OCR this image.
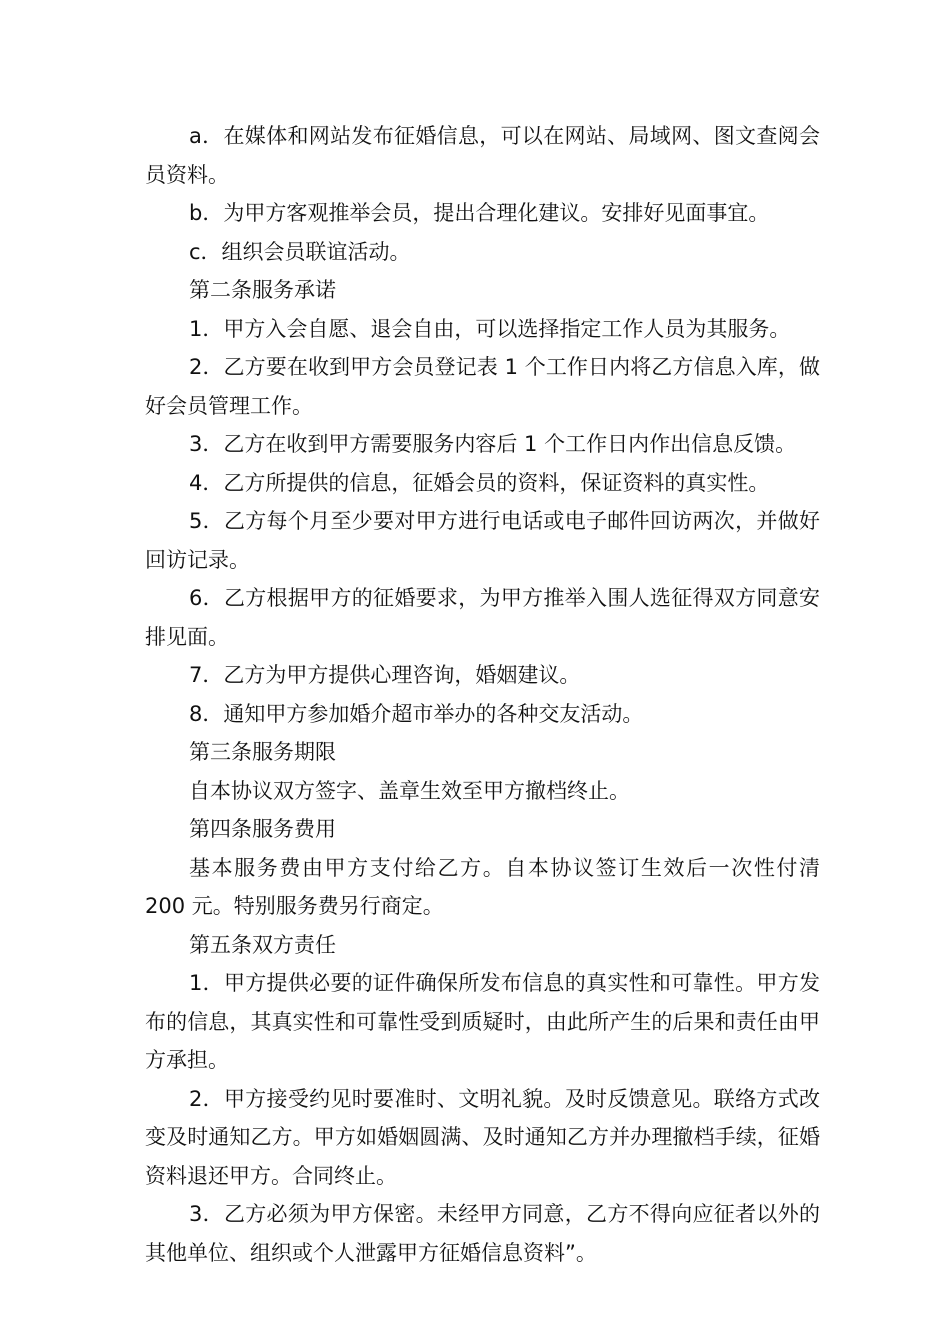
a．在媒体和网站发布征婚信息，可以在网站、局域网、图文查阅会员资料。

b．为甲方客观推举会员，提出合理化建议。安排好见面事宜。

c．组织会员联谊活动。

第二条服务承诺

1．甲方入会自愿、退会自由，可以选择指定工作人员为其服务。

2．乙方要在收到甲方会员登记表 1 个工作日内将乙方信息入库，做好会员管理工作。

3．乙方在收到甲方需要服务内容后 1 个工作日内作出信息反馈。

4．乙方所提供的信息，征婚会员的资料，保证资料的真实性。

5．乙方每个月至少要对甲方进行电话或电子邮件回访两次，并做好回访记录。

6．乙方根据甲方的征婚要求，为甲方推举入围人选征得双方同意安排见面。

7．乙方为甲方提供心理咨询，婚姻建议。

8．通知甲方参加婚介超市举办的各种交友活动。

第三条服务期限

自本协议双方签字、盖章生效至甲方撤档终止。

第四条服务费用

基本服务费由甲方支付给乙方。自本协议签订生效后一次性付清 200 元。特别服务费另行商定。

第五条双方责任

1．甲方提供必要的证件确保所发布信息的真实性和可靠性。甲方发布的信息，其真实性和可靠性受到质疑时，由此所产生的后果和责任由甲方承担。

2．甲方接受约见时要准时、文明礼貌。及时反馈意见。联络方式改变及时通知乙方。甲方如婚姻圆满、及时通知乙方并办理撤档手续，征婚资料退还甲方。合同终止。

3．乙方必须为甲方保密。未经甲方同意，乙方不得向应征者以外的其他单位、组织或个人泄露甲方征婚信息资料”。
